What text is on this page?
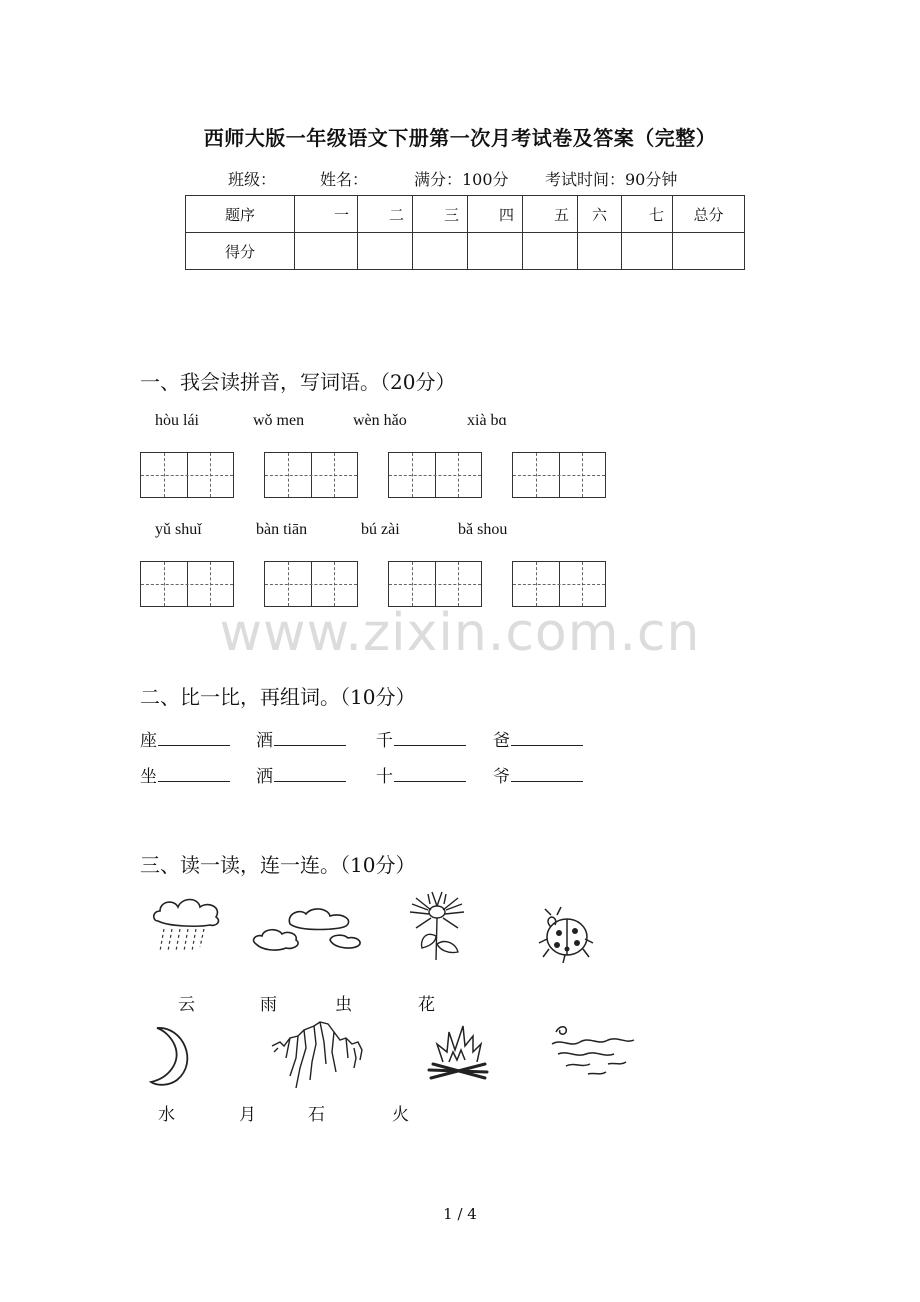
西师大版一年级语文下册第一次月考试卷及答案（完整）
班级：	姓名：	满分：100分 考试时间：90分钟
题序	一	二	三	四	五	六	七	总分
得分								
一、我会读拼音，写词语。（20分）
hòu lái	wǒ men	wèn hǎo	xià bɑ
yǔ shuǐ	bàn tiān	bú zài	bǎ shou
www.zixin.com.cn
二、比一比，再组词。（10分）
座	酒	千	爸
坐	洒	十	爷
三、读一读，连一连。（10分）
云	雨	虫	花
水	月	石	火
1 / 4
